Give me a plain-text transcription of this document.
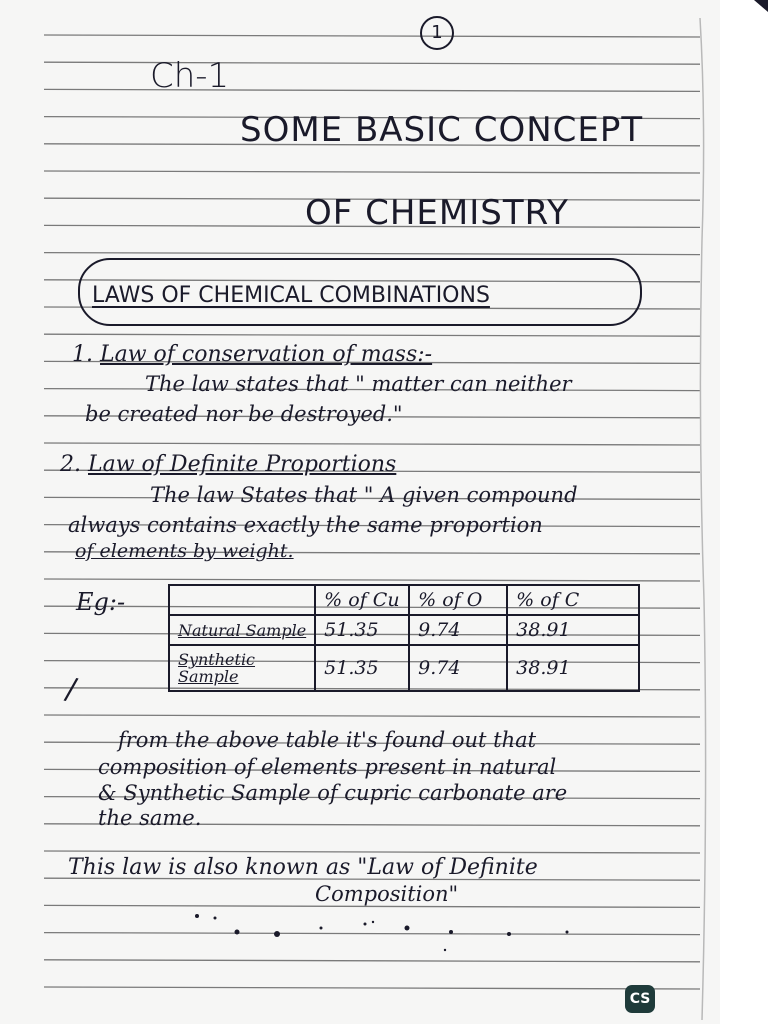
1
Ch-1
SOME BASIC CONCEPT
OF CHEMISTRY
LAWS OF CHEMICAL COMBINATIONS
1. Law of conservation of mass:-
The law states that " matter can neither
be created nor be destroyed."
2. Law of Definite Proportions
The law States that " A given compound
always contains exactly the same proportion
of elements by weight.
Eg:-
/
	% of Cu	% of O	% of C
Natural Sample	51.35	9.74	38.91
Synthetic Sample	51.35	9.74	38.91
from the above table it's found out that
composition of elements present in natural
& Synthetic Sample of cupric carbonate are
the same.
This law is also known as "Law of Definite
Composition"
CS
